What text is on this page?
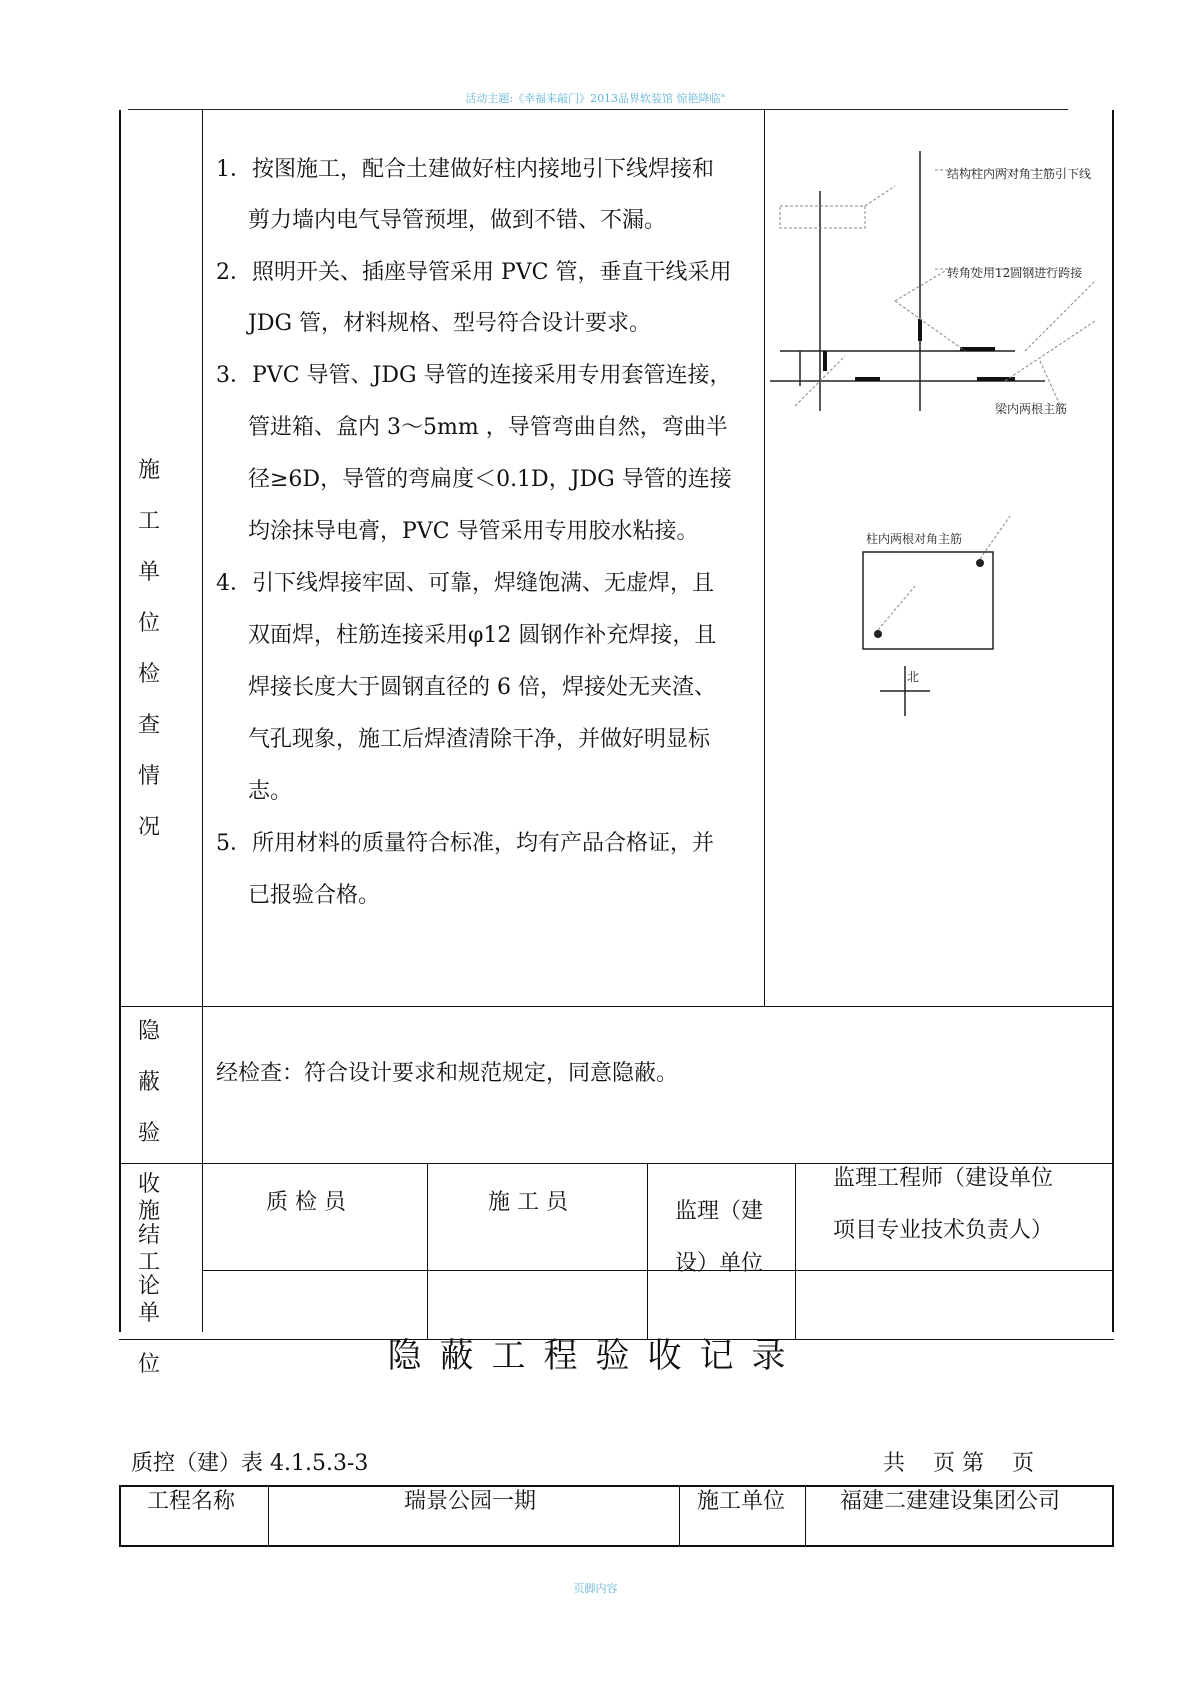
活动主题:《幸福来敲门》2013品界软装馆 惊艳降临"
施工
单位
检查
情况
1．按图施工，配合土建做好柱内接地引下线焊接和
剪力墙内电气导管预埋，做到不错、不漏。
2．照明开关、插座导管采用 PVC 管，垂直干线采用
JDG 管，材料规格、型号符合设计要求。
3．PVC 导管、JDG 导管的连接采用专用套管连接，
管进箱、盒内 3～5mm ，导管弯曲自然，弯曲半
径≥6D，导管的弯扁度＜0.1D，JDG 导管的连接
均涂抹导电膏，PVC 导管采用专用胶水粘接。
4．引下线焊接牢固、可靠，焊缝饱满、无虚焊，且
双面焊，柱筋连接采用φ12 圆钢作补充焊接，且
焊接长度大于圆钢直径的 6 倍，焊接处无夹渣、
气孔现象，施工后焊渣清除干净，并做好明显标
志。
5．所用材料的质量符合标准，均有产品合格证，并
已报验合格。
结构柱内两对角主筋引下线
转角处用12圆钢进行跨接
梁内两根主筋
柱内两根对角主筋
北
隐蔽
验收
结论
经检查：符合设计要求和规范规定，同意隐蔽。
施工
单位
质 检 员	施 工 员	监理（建
设）单位
监理工程师（建设单位
项目专业技术负责人）
隐蔽工程验收记录
质控（建）表 4.1.5.3-3	共    页 第    页
工程名称	瑞景公园一期	施工单位 福建二建建设集团公司
页脚内容
